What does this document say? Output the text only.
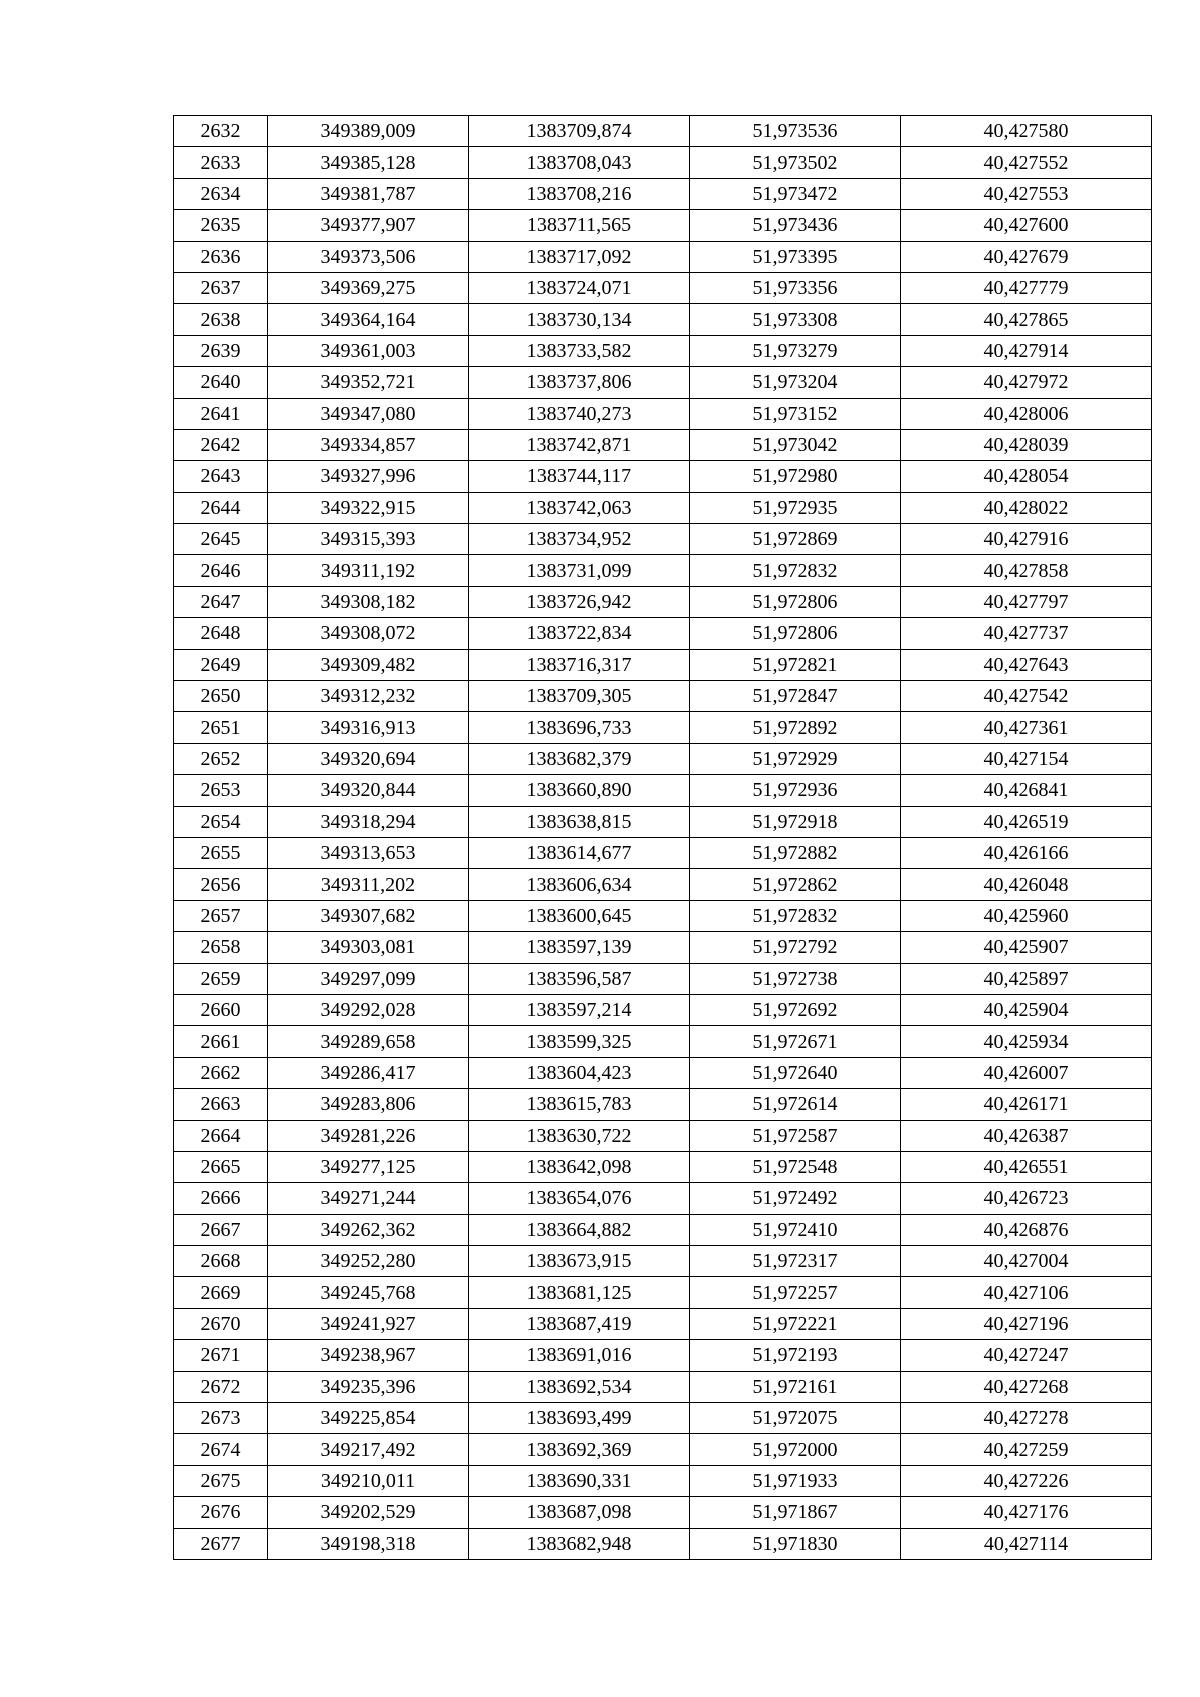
2632	349389,009	1383709,874	51,973536	40,427580
2633	349385,128	1383708,043	51,973502	40,427552
2634	349381,787	1383708,216	51,973472	40,427553
2635	349377,907	1383711,565	51,973436	40,427600
2636	349373,506	1383717,092	51,973395	40,427679
2637	349369,275	1383724,071	51,973356	40,427779
2638	349364,164	1383730,134	51,973308	40,427865
2639	349361,003	1383733,582	51,973279	40,427914
2640	349352,721	1383737,806	51,973204	40,427972
2641	349347,080	1383740,273	51,973152	40,428006
2642	349334,857	1383742,871	51,973042	40,428039
2643	349327,996	1383744,117	51,972980	40,428054
2644	349322,915	1383742,063	51,972935	40,428022
2645	349315,393	1383734,952	51,972869	40,427916
2646	349311,192	1383731,099	51,972832	40,427858
2647	349308,182	1383726,942	51,972806	40,427797
2648	349308,072	1383722,834	51,972806	40,427737
2649	349309,482	1383716,317	51,972821	40,427643
2650	349312,232	1383709,305	51,972847	40,427542
2651	349316,913	1383696,733	51,972892	40,427361
2652	349320,694	1383682,379	51,972929	40,427154
2653	349320,844	1383660,890	51,972936	40,426841
2654	349318,294	1383638,815	51,972918	40,426519
2655	349313,653	1383614,677	51,972882	40,426166
2656	349311,202	1383606,634	51,972862	40,426048
2657	349307,682	1383600,645	51,972832	40,425960
2658	349303,081	1383597,139	51,972792	40,425907
2659	349297,099	1383596,587	51,972738	40,425897
2660	349292,028	1383597,214	51,972692	40,425904
2661	349289,658	1383599,325	51,972671	40,425934
2662	349286,417	1383604,423	51,972640	40,426007
2663	349283,806	1383615,783	51,972614	40,426171
2664	349281,226	1383630,722	51,972587	40,426387
2665	349277,125	1383642,098	51,972548	40,426551
2666	349271,244	1383654,076	51,972492	40,426723
2667	349262,362	1383664,882	51,972410	40,426876
2668	349252,280	1383673,915	51,972317	40,427004
2669	349245,768	1383681,125	51,972257	40,427106
2670	349241,927	1383687,419	51,972221	40,427196
2671	349238,967	1383691,016	51,972193	40,427247
2672	349235,396	1383692,534	51,972161	40,427268
2673	349225,854	1383693,499	51,972075	40,427278
2674	349217,492	1383692,369	51,972000	40,427259
2675	349210,011	1383690,331	51,971933	40,427226
2676	349202,529	1383687,098	51,971867	40,427176
2677	349198,318	1383682,948	51,971830	40,427114
